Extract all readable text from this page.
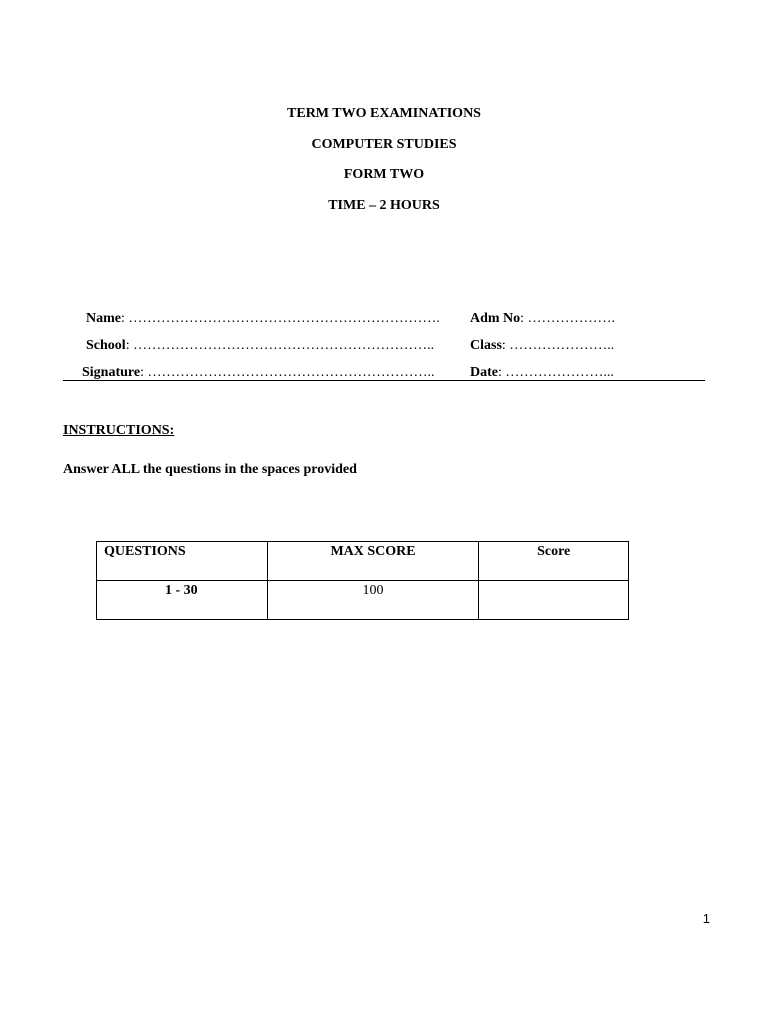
TERM TWO EXAMINATIONS
COMPUTER STUDIES
FORM TWO
TIME – 2 HOURS
Name: …………………………………………………………. Adm No: ……………….
School: ………………………………………………………..	Class: …………………..
Signature: ……………………………………………………..	Date: …………………...
INSTRUCTIONS:
Answer ALL the questions in the spaces provided
QUESTIONS	MAX SCORE	Score

1 - 30	100	

1
